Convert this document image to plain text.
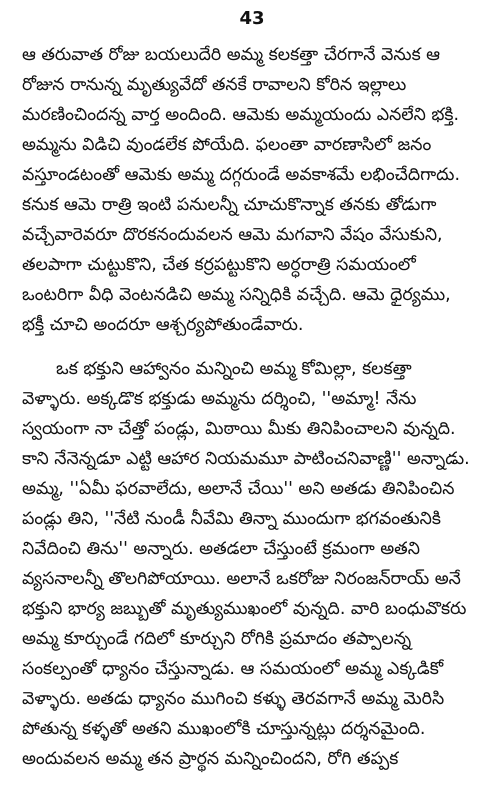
43
ఆ తరువాత రోజు బయలుదేరి అమ్మ కలకత్తా చేరగానే వెనుక ఆ
రోజున రానున్న మృత్యువేదో తనకే రావాలని కోరిన ఇల్లాలు
మరణించిందన్న వార్త అందింది. ఆమెకు అమ్మయందు ఎనలేని భక్తి.
అమ్మను విడిచి వుండలేక పోయేది. ఫలంతా వారణాసిలో జనం
వస్తూండటంతో ఆమెకు అమ్మ దగ్గరుండే అవకాశమే లభించేదిగాదు.
కనుక ఆమె రాత్రి ఇంటి పనులన్నీ చూచుకొన్నాక తనకు తోడుగా
వచ్చేవారెవరూ దొరకనందువలన ఆమె మగవాని వేషం వేసుకుని,
తలపాగా చుట్టుకొని, చేత కర్రపట్టుకొని అర్ధరాత్రి సమయంలో
ఒంటరిగా వీధి వెంటనడిచి అమ్మ సన్నిధికి వచ్చేది. ఆమె ధైర్యము,
భక్తీ చూచి అందరూ ఆశ్చర్యపోతుండేవారు.
ఒక భక్తుని ఆహ్వానం మన్నించి అమ్మ కోమిల్లా, కలకత్తా
వెళ్ళారు. అక్కడొక భక్తుడు అమ్మను దర్శించి, ''అమ్మా! నేను
స్వయంగా నా చేత్తో పండ్లు, మిఠాయి మీకు తినిపించాలని వున్నది.
కాని నేనెన్నడూ ఎట్టి ఆహార నియమమూ పాటించనివాణ్ణి'' అన్నాడు.
అమ్మ, ''ఏమీ ఫరవాలేదు, అలానే చేయి'' అని అతడు తినిపించిన
పండ్లు తిని, ''నేటి నుండీ నీవేమి తిన్నా ముందుగా భగవంతునికి
నివేదించి తిను'' అన్నారు. అతడలా చేస్తుంటే క్రమంగా అతని
వ్యసనాలన్నీ తొలగిపోయాయి. అలానే ఒకరోజు నిరంజన్‌రాయ్ అనే
భక్తుని భార్య జబ్బుతో మృత్యుముఖంలో వున్నది. వారి బంధువొకరు
అమ్మ కూర్చుండే గదిలో కూర్చుని రోగికి ప్రమాదం తప్పాలన్న
సంకల్పంతో ధ్యానం చేస్తున్నాడు. ఆ సమయంలో అమ్మ ఎక్కడికో
వెళ్ళారు. అతడు ధ్యానం ముగించి కళ్ళు తెరవగానే అమ్మ మెరిసి
పోతున్న కళ్ళతో అతని ముఖంలోకి చూస్తున్నట్లు దర్శనమైంది.
అందువలన అమ్మ తన ప్రార్థన మన్నించిందని, రోగి తప్పక
